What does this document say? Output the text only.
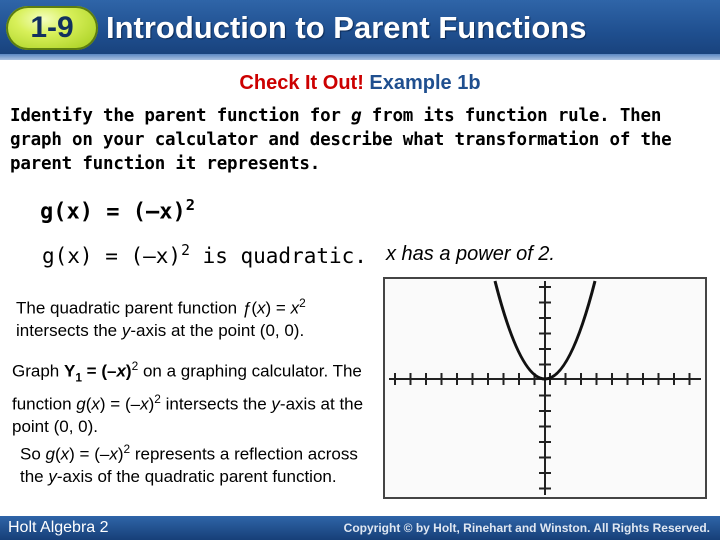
1-9	Introduction to Parent Functions
Check It Out! Example 1b
Identify the parent function for g from its function rule. Then graph on your calculator and describe what transformation of the parent function it represents.
$g(x) = (-x)^2$
$g(x) = (-x)^2$ is quadratic. x has a power of 2.
The quadratic parent function ƒ(x) = $x^2$ intersects the y-axis at the point (0, 0).
Graph $Y_1 = (-x)^2$ on a graphing calculator. The function $g(x) = (-x)^2$ intersects the y-axis at the point (0, 0).
So $g(x) = (-x)^2$ represents a reflection across the y-axis of the quadratic parent function.
Holt Algebra 2	Copyright © by Holt, Rinehart and Winston. All Rights Reserved.
